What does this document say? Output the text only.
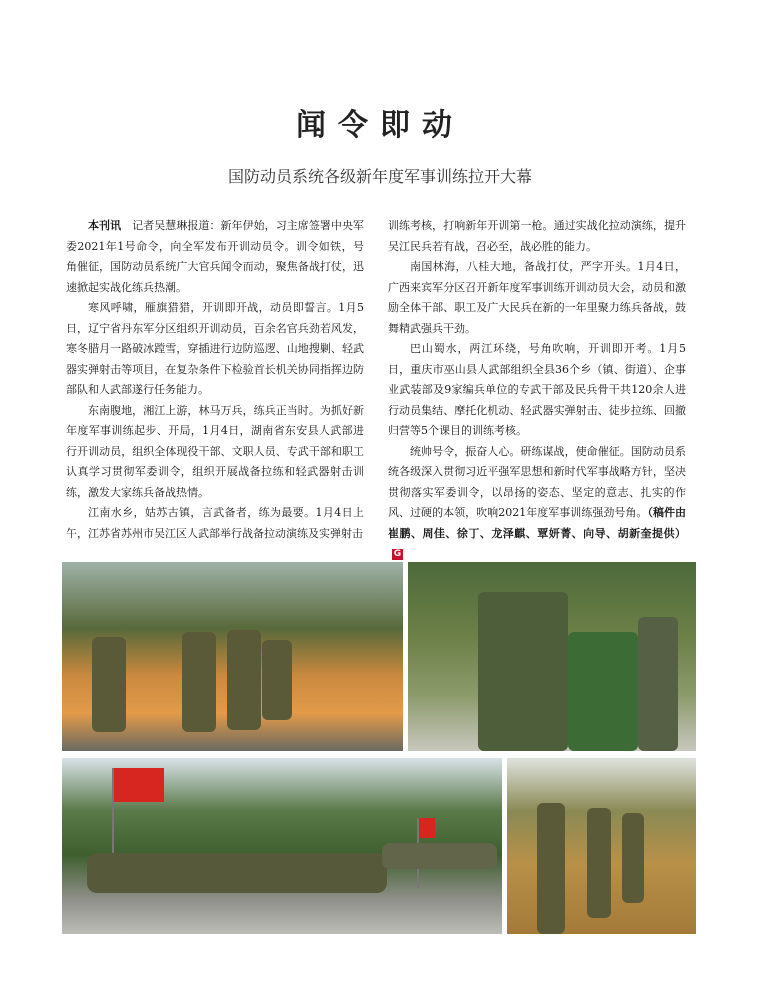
闻令即动
国防动员系统各级新年度军事训练拉开大幕

本刊讯　 记者吴慧琳报道：新年伊始，习主席签署中央军委2021年1号命令，向全军发布开训动员令。训令如铁，号角催征，国防动员系统广大官兵闻令而动，聚焦备战打仗，迅速掀起实战化练兵热潮。

寒风呼啸，雁旗猎猎，开训即开战，动员即誓言。1月5日，辽宁省丹东军分区组织开训动员，百余名官兵劲若风发，寒冬腊月一路破冰蹚雪，穿插进行边防巡逻、山地搜剿、轻武器实弹射击等项目，在复杂条件下检验首长机关协同指挥边防部队和人武部遂行任务能力。

东南腹地，湘江上游，林马万兵，练兵正当时。为抓好新年度军事训练起步、开局，1月4日，湖南省东安县人武部进行开训动员，组织全体现役干部、文职人员、专武干部和职工认真学习贯彻军委训令，组织开展战备拉练和轻武器射击训练，激发大家练兵备战热情。

江南水乡，姑苏古镇，言武备者，练为最要。1月4日上午，江苏省苏州市吴江区人武部举行战备拉动演练及实弹射击

训练考核，打响新年开训第一枪。通过实战化拉动演练，提升吴江民兵若有战，召必至，战必胜的能力。

南国林海，八桂大地，备战打仗，严字开头。1月4日，广西来宾军分区召开新年度军事训练开训动员大会，动员和激励全体干部、职工及广大民兵在新的一年里聚力练兵备战，鼓舞精武强兵干劲。

巴山蜀水，两江环绕，号角吹响，开训即开考。1月5日，重庆市巫山县人武部组织全县36个乡（镇、街道）、企事业武装部及9家编兵单位的专武干部及民兵骨干共120余人进行动员集结、摩托化机动、轻武器实弹射击、徒步拉练、回撤归营等5个课目的训练考核。

统帅号令，振奋人心。研练谋战，使命催征。国防动员系统各级深入贯彻习近平强军思想和新时代军事战略方针，坚决贯彻落实军委训令，以昂扬的姿态、坚定的意志、扎实的作风、过硬的本领，吹响2021年度军事训练强劲号角。（稿件由崔鹏、周佳、徐丁、龙泽麒、覃妍菁、向导、胡新奎提供）G
